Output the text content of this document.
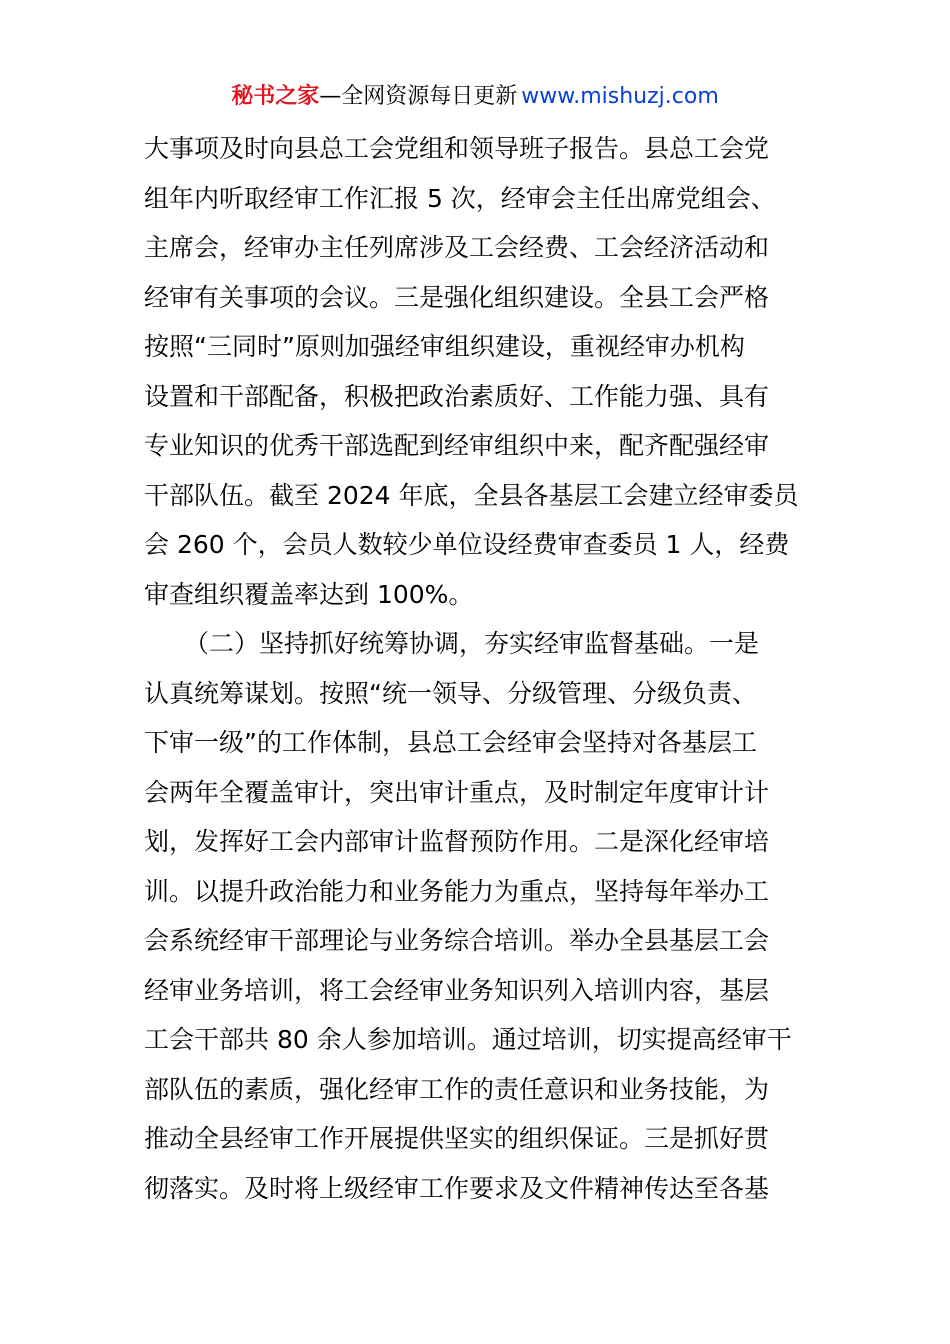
秘书之家—全网资源每日更新 www.mishuzj.com
大事项及时向县总工会党组和领导班子报告。县总工会党
组年内听取经审工作汇报 5 次，经审会主任出席党组会、
主席会，经审办主任列席涉及工会经费、工会经济活动和
经审有关事项的会议。三是强化组织建设。全县工会严格
按照“三同时”原则加强经审组织建设，重视经审办机构
设置和干部配备，积极把政治素质好、工作能力强、具有
专业知识的优秀干部选配到经审组织中来，配齐配强经审
干部队伍。截至 2024 年底，全县各基层工会建立经审委员
会 260 个，会员人数较少单位设经费审查委员 1 人，经费
审查组织覆盖率达到 100%。
（二）坚持抓好统筹协调，夯实经审监督基础。一是
认真统筹谋划。按照“统一领导、分级管理、分级负责、
下审一级”的工作体制，县总工会经审会坚持对各基层工
会两年全覆盖审计，突出审计重点，及时制定年度审计计
划，发挥好工会内部审计监督预防作用。二是深化经审培
训。以提升政治能力和业务能力为重点，坚持每年举办工
会系统经审干部理论与业务综合培训。举办全县基层工会
经审业务培训，将工会经审业务知识列入培训内容，基层
工会干部共 80 余人参加培训。通过培训，切实提高经审干
部队伍的素质，强化经审工作的责任意识和业务技能，为
推动全县经审工作开展提供坚实的组织保证。三是抓好贯
彻落实。及时将上级经审工作要求及文件精神传达至各基
